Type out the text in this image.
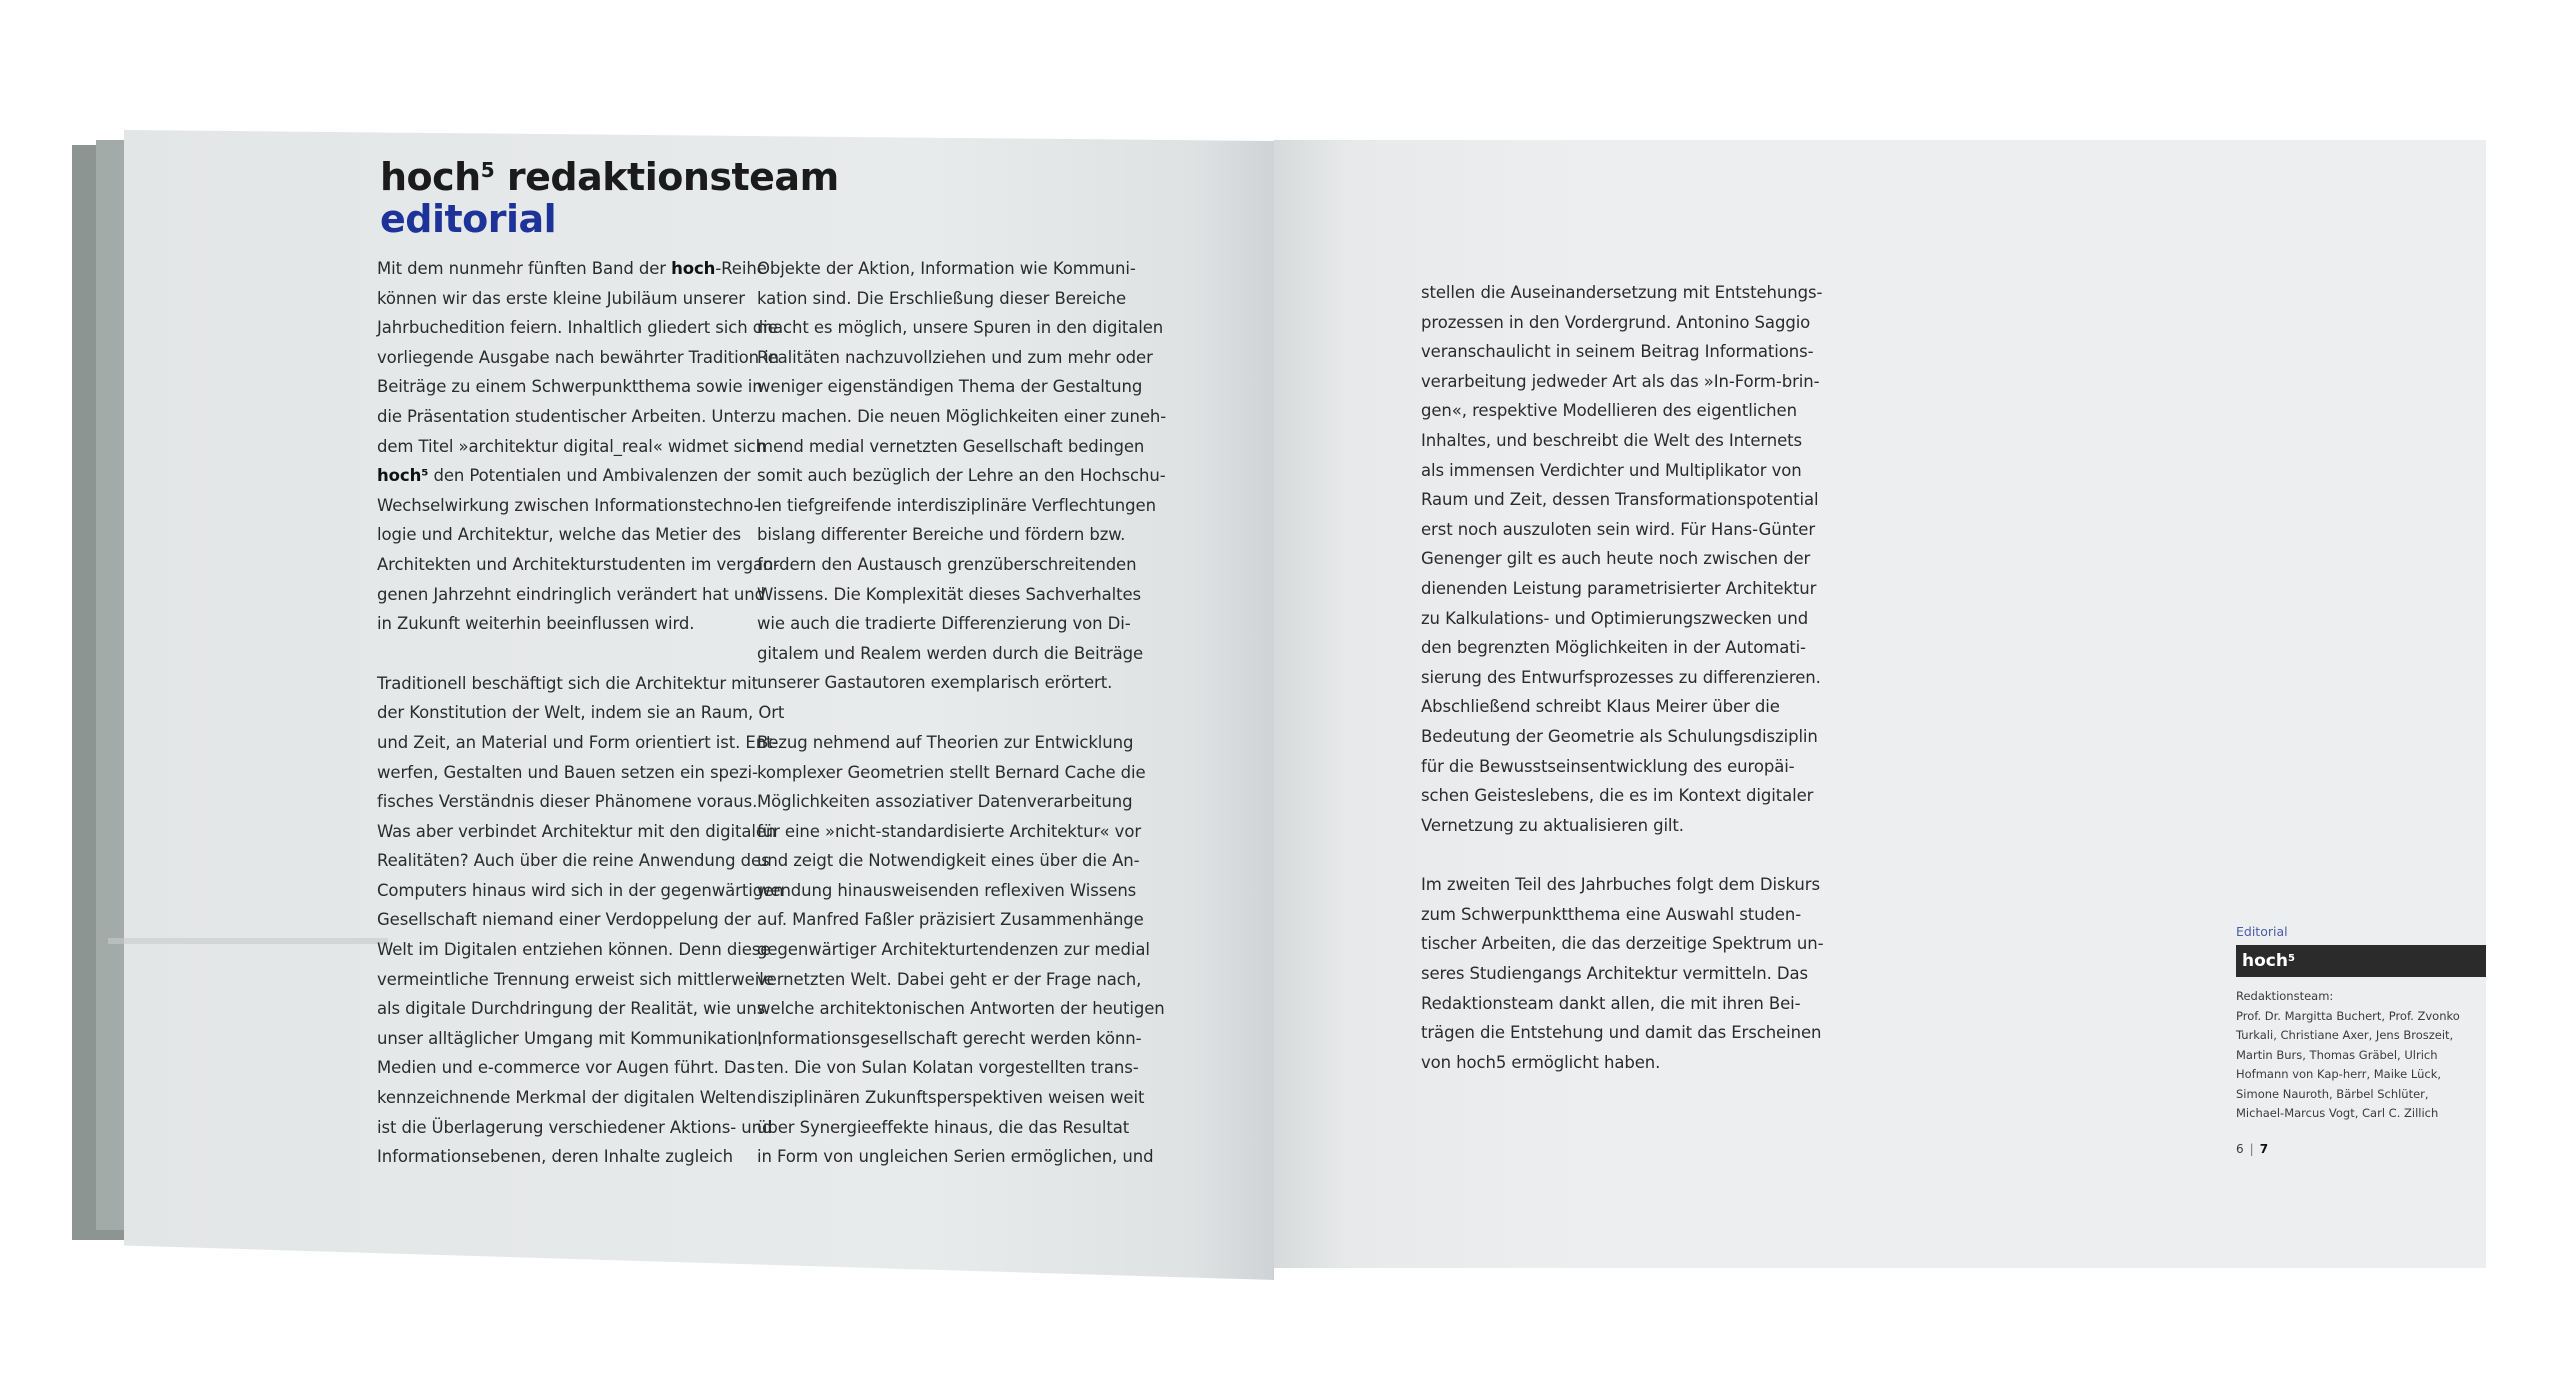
hoch$^5$ redaktionsteam
editorial

Mit dem nunmehr fünften Band der hoch-Reihe

können wir das erste kleine Jubiläum unserer

Jahrbuchedition feiern. Inhaltlich gliedert sich die

vorliegende Ausgabe nach bewährter Tradition in

Beiträge zu einem Schwerpunktthema sowie in

die Präsentation studentischer Arbeiten. Unter

dem Titel »architektur digital_real« widmet sich

hoch⁵ den Potentialen und Ambivalenzen der

Wechselwirkung zwischen Informationstechno-

logie und Architektur, welche das Metier des

Architekten und Architekturstudenten im vergan-

genen Jahrzehnt eindringlich verändert hat und

in Zukunft weiterhin beeinflussen wird.

Traditionell beschäftigt sich die Architektur mit

der Konstitution der Welt, indem sie an Raum, Ort

und Zeit, an Material und Form orientiert ist. Ent-

werfen, Gestalten und Bauen setzen ein spezi-

fisches Verständnis dieser Phänomene voraus.

Was aber verbindet Architektur mit den digitalen

Realitäten? Auch über die reine Anwendung des

Computers hinaus wird sich in der gegenwärtigen

Gesellschaft niemand einer Verdoppelung der

Welt im Digitalen entziehen können. Denn diese

vermeintliche Trennung erweist sich mittlerweile

als digitale Durchdringung der Realität, wie uns

unser alltäglicher Umgang mit Kommunikation,

Medien und e-commerce vor Augen führt. Das

kennzeichnende Merkmal der digitalen Welten

ist die Überlagerung verschiedener Aktions- und

Informationsebenen, deren Inhalte zugleich

Objekte der Aktion, Information wie Kommuni-

kation sind. Die Erschließung dieser Bereiche

macht es möglich, unsere Spuren in den digitalen

Realitäten nachzuvollziehen und zum mehr oder

weniger eigenständigen Thema der Gestaltung

zu machen. Die neuen Möglichkeiten einer zuneh-

mend medial vernetzten Gesellschaft bedingen

somit auch bezüglich der Lehre an den Hochschu-

len tiefgreifende interdisziplinäre Verflechtungen

bislang differenter Bereiche und fördern bzw.

fordern den Austausch grenzüberschreitenden

Wissens. Die Komplexität dieses Sachverhaltes

wie auch die tradierte Differenzierung von Di-

gitalem und Realem werden durch die Beiträge

unserer Gastautoren exemplarisch erörtert.

Bezug nehmend auf Theorien zur Entwicklung

komplexer Geometrien stellt Bernard Cache die

Möglichkeiten assoziativer Datenverarbeitung

für eine »nicht-standardisierte Architektur« vor

und zeigt die Notwendigkeit eines über die An-

wendung hinausweisenden reflexiven Wissens

auf. Manfred Faßler präzisiert Zusammenhänge

gegenwärtiger Architekturtendenzen zur medial

vernetzten Welt. Dabei geht er der Frage nach,

welche architektonischen Antworten der heutigen

Informationsgesellschaft gerecht werden könn-

ten. Die von Sulan Kolatan vorgestellten trans-

disziplinären Zukunftsperspektiven weisen weit

über Synergieeffekte hinaus, die das Resultat

in Form von ungleichen Serien ermöglichen, und

stellen die Auseinandersetzung mit Entstehungs-

prozessen in den Vordergrund. Antonino Saggio

veranschaulicht in seinem Beitrag Informations-

verarbeitung jedweder Art als das »In-Form-brin-

gen«, respektive Modellieren des eigentlichen

Inhaltes, und beschreibt die Welt des Internets

als immensen Verdichter und Multiplikator von

Raum und Zeit, dessen Transformationspotential

erst noch auszuloten sein wird. Für Hans-Günter

Genenger gilt es auch heute noch zwischen der

dienenden Leistung parametrisierter Architektur

zu Kalkulations- und Optimierungszwecken und

den begrenzten Möglichkeiten in der Automati-

sierung des Entwurfsprozesses zu differenzieren.

Abschließend schreibt Klaus Meirer über die

Bedeutung der Geometrie als Schulungsdisziplin

für die Bewusstseinsentwicklung des europäi-

schen Geisteslebens, die es im Kontext digitaler

Vernetzung zu aktualisieren gilt.

Im zweiten Teil des Jahrbuches folgt dem Diskurs

zum Schwerpunktthema eine Auswahl studen-

tischer Arbeiten, die das derzeitige Spektrum un-

seres Studiengangs Architektur vermitteln. Das

Redaktionsteam dankt allen, die mit ihren Bei-

trägen die Entstehung und damit das Erscheinen

von hoch5 ermöglicht haben.

Editorial
hoch$^5$
Redaktionsteam:
Prof. Dr. Margitta Buchert, Prof. Zvonko
Turkali, Christiane Axer, Jens Broszeit,
Martin Burs, Thomas Gräbel, Ulrich
Hofmann von Kap-herr, Maike Lück,
Simone Nauroth, Bärbel Schlüter,
Michael-Marcus Vogt, Carl C. Zillich
6 | 7
